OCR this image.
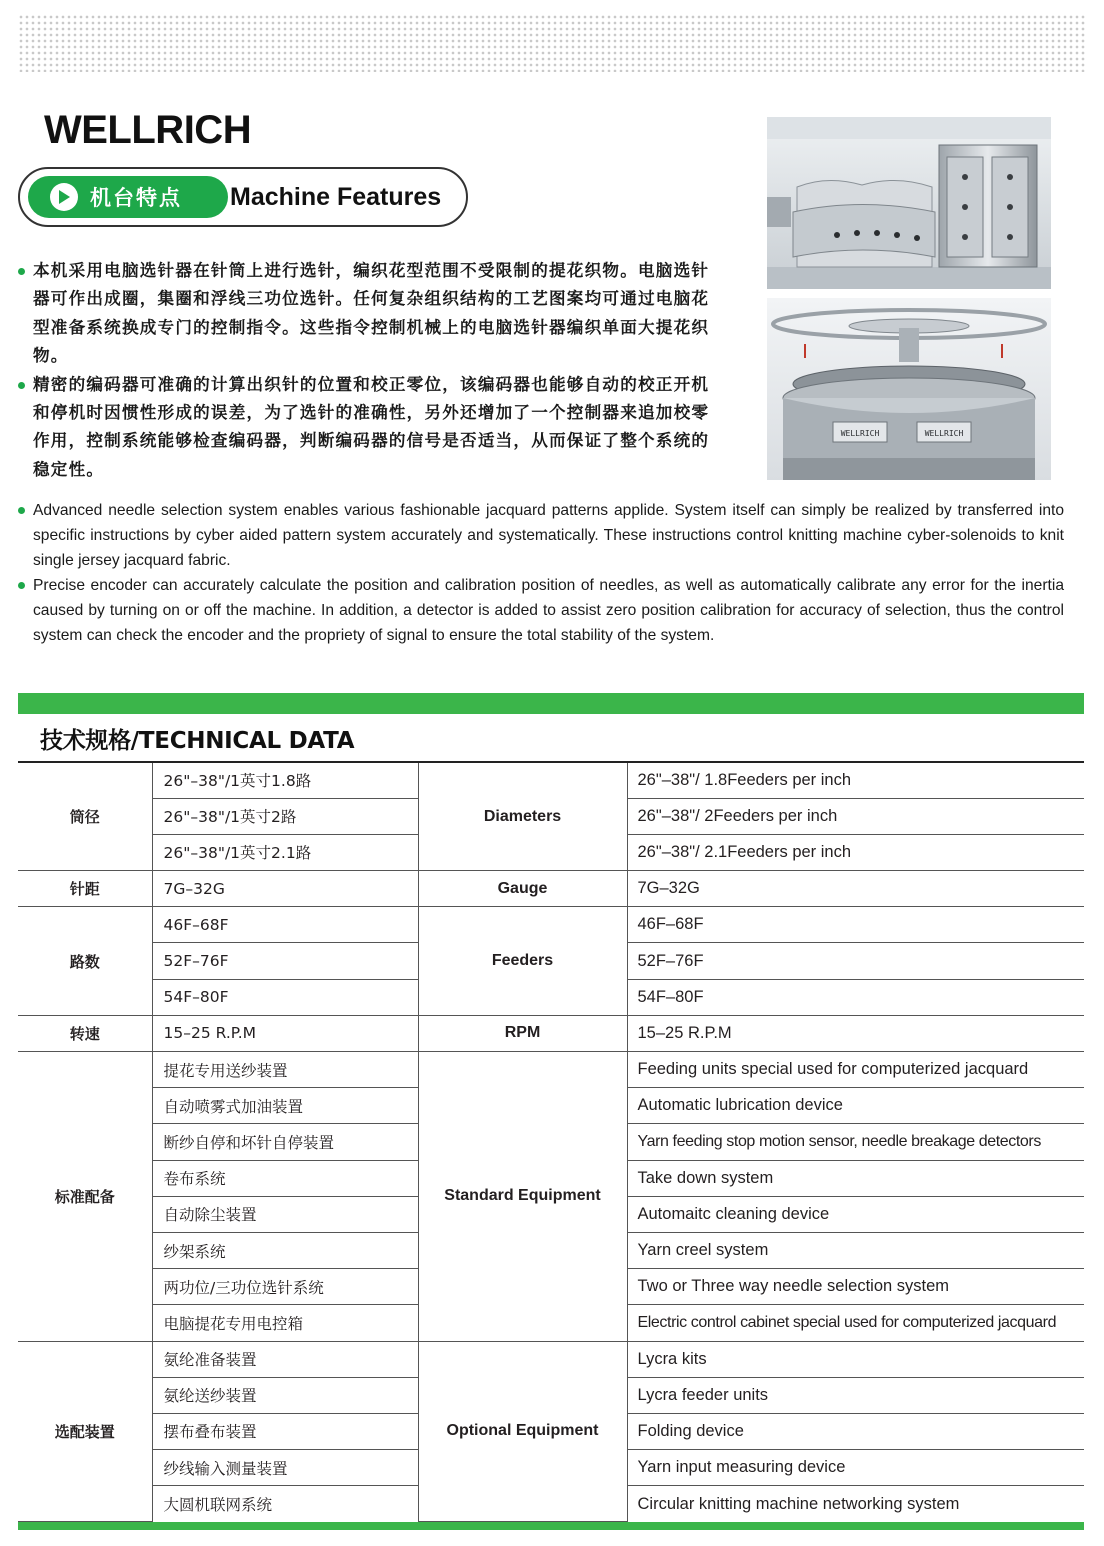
WELLRICH
机台特点 Machine Features
本机采用电脑选针器在针筒上进行选针，编织花型范围不受限制的提花织物。电脑选针器可作出成圈，集圈和浮线三功位选针。任何复杂组织结构的工艺图案均可通过电脑花型准备系统换成专门的控制指令。这些指令控制机械上的电脑选针器编织单面大提花织物。
精密的编码器可准确的计算出织针的位置和校正零位，该编码器也能够自动的校正开机和停机时因惯性形成的误差，为了选针的准确性，另外还增加了一个控制器来追加校零作用，控制系统能够检查编码器，判断编码器的信号是否适当，从而保证了整个系统的稳定性。
WELLRICH	WELLRICH
Advanced needle selection system enables various fashionable jacquard patterns applide. System itself can simply be realized by transferred into specific instructions by cyber aided pattern system accurately and systematically. These instructions control knitting machine cyber-solenoids to knit single jersey jacquard fabric.
Precise encoder can accurately calculate the position and calibration position of needles, as well as automatically calibrate any error for the inertia caused by turning on or off the machine. In addition, a detector is added to assist zero position calibration for accuracy of selection, thus the control system can check the encoder and the propriety of signal to ensure the total stability of the system.
技术规格/TECHNICAL DATA
筒径	26"–38"/1英寸1.8路	Diameters	26"–38"/ 1.8Feeders per inch
	26"–38"/1英寸2路		26"–38"/ 2Feeders per inch
	26"–38"/1英寸2.1路		26"–38"/ 2.1Feeders per inch
针距	7G–32G	Gauge	7G–32G
路数	46F–68F	Feeders	46F–68F
	52F–76F		52F–76F
	54F–80F		54F–80F
转速	15–25 R.P.M	RPM	15–25 R.P.M
标准配备	提花专用送纱装置	Standard Equipment	Feeding units special used for computerized jacquard
	自动喷雾式加油装置		Automatic lubrication device
	断纱自停和坏针自停装置		Yarn feeding stop motion sensor, needle breakage detectors
	卷布系统		Take down system
	自动除尘装置		Automaitc cleaning device
	纱架系统		Yarn creel system
	两功位/三功位选针系统		Two or Three way needle selection system
	电脑提花专用电控箱		Electric control cabinet special used for computerized jacquard
选配装置	氨纶准备装置	Optional Equipment	Lycra kits
	氨纶送纱装置		Lycra feeder units
	摆布叠布装置		Folding device
	纱线输入测量装置		Yarn input measuring device
	大圆机联网系统		Circular knitting machine networking system
